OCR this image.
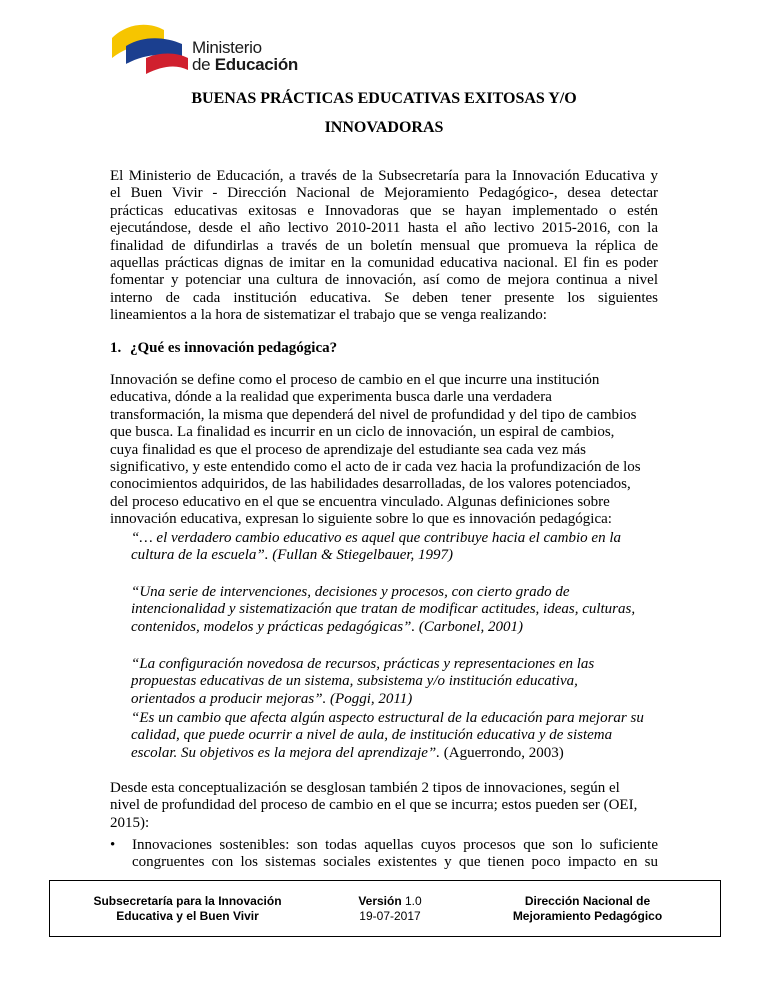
Ministerio
de Educación
BUENAS PRÁCTICAS EDUCATIVAS EXITOSAS Y/O
INNOVADORAS
El Ministerio de Educación, a través de la Subsecretaría para la Innovación Educativa y
el Buen Vivir - Dirección Nacional de Mejoramiento Pedagógico-, desea detectar
prácticas educativas exitosas e Innovadoras que se hayan implementado o estén
ejecutándose, desde el año lectivo 2010-2011 hasta el año lectivo 2015-2016, con la
finalidad de difundirlas a través de un boletín mensual que promueva la réplica de
aquellas prácticas dignas de imitar en la comunidad educativa nacional. El fin es poder
fomentar y potenciar una cultura de innovación, así como de mejora continua a nivel
interno de cada institución educativa. Se deben tener presente los siguientes
lineamientos a la hora de sistematizar el trabajo que se venga realizando:
1. ¿Qué es innovación pedagógica?
Innovación se define como el proceso de cambio en el que incurre una institución
educativa, dónde a la realidad que experimenta busca darle una verdadera
transformación, la misma que dependerá del nivel de profundidad y del tipo de cambios
que busca. La finalidad es incurrir en un ciclo de innovación, un espiral de cambios,
cuya finalidad es que el proceso de aprendizaje del estudiante sea cada vez más
significativo, y este entendido como el acto de ir cada vez hacia la profundización de los
conocimientos adquiridos, de las habilidades desarrolladas, de los valores potenciados,
del proceso educativo en el que se encuentra vinculado. Algunas definiciones sobre
innovación educativa, expresan lo siguiente sobre lo que es innovación pedagógica:
“… el verdadero cambio educativo es aquel que contribuye hacia el cambio en la
cultura de la escuela”. (Fullan & Stiegelbauer, 1997)
“Una serie de intervenciones, decisiones y procesos, con cierto grado de
intencionalidad y sistematización que tratan de modificar actitudes, ideas, culturas,
contenidos, modelos y prácticas pedagógicas”. (Carbonel, 2001)
“La configuración novedosa de recursos, prácticas y representaciones en las
propuestas educativas de un sistema, subsistema y/o institución educativa,
orientados a producir mejoras”. (Poggi, 2011)
“Es un cambio que afecta algún aspecto estructural de la educación para mejorar su
calidad, que puede ocurrir a nivel de aula, de institución educativa y de sistema
escolar. Su objetivos es la mejora del aprendizaje”. (Aguerrondo, 2003)
Desde esta conceptualización se desglosan también 2 tipos de innovaciones, según el
nivel de profundidad del proceso de cambio en el que se incurra; estos pueden ser (OEI,
2015):
•	Innovaciones sostenibles: son todas aquellas cuyos procesos que son lo suficiente
congruentes con los sistemas sociales existentes y que tienen poco impacto en su
Subsecretaría para la Innovación
Educativa y el Buen Vivir
Versión 1.0
19-07-2017
Dirección Nacional de
Mejoramiento Pedagógico
